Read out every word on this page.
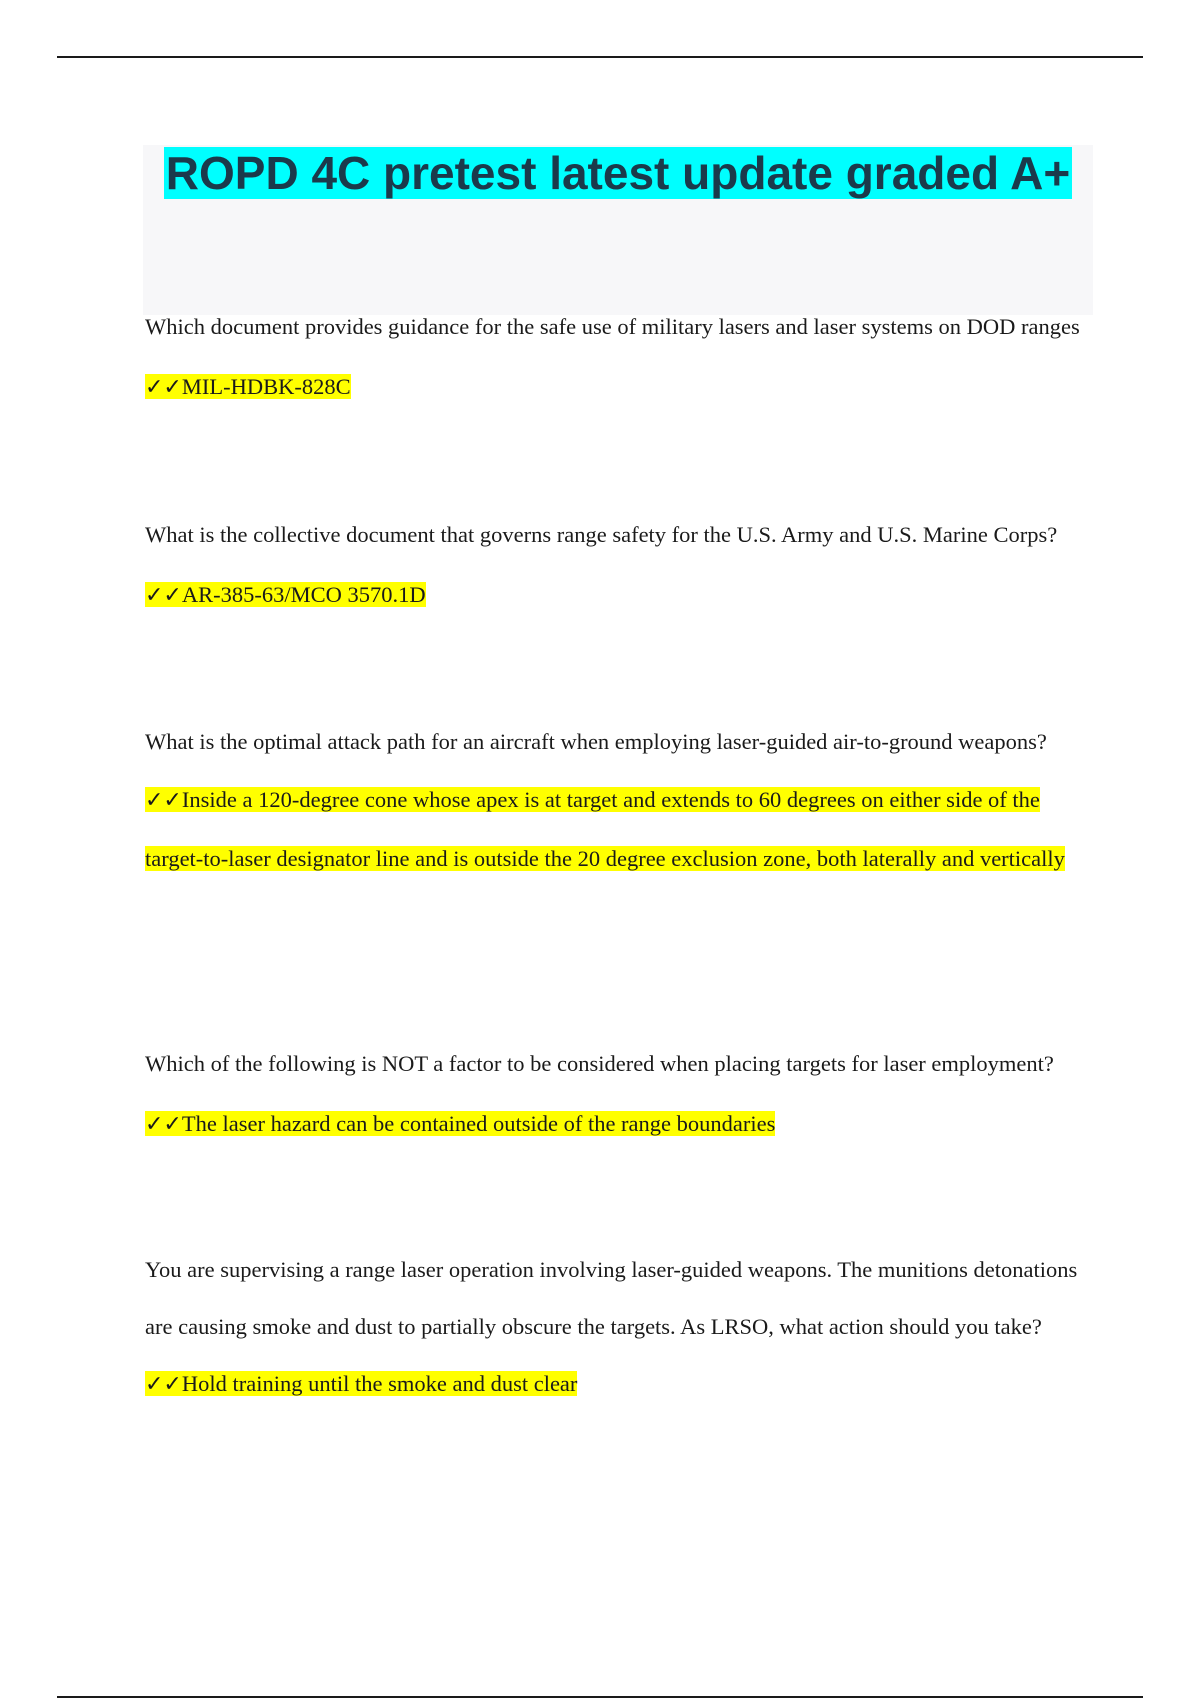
ROPD 4C pretest latest update graded A+

Which document provides guidance for the safe use of military lasers and laser systems on DOD ranges ✓✓MIL-HDBK-828C

What is the collective document that governs range safety for the U.S. Army and U.S. Marine Corps? ✓✓AR-385-63/MCO 3570.1D

What is the optimal attack path for an aircraft when employing laser-guided air-to-ground weapons? ✓✓Inside a 120-degree cone whose apex is at target and extends to 60 degrees on either side of the target-to-laser designator line and is outside the 20 degree exclusion zone, both laterally and vertically

Which of the following is NOT a factor to be considered when placing targets for laser employment? ✓✓The laser hazard can be contained outside of the range boundaries

You are supervising a range laser operation involving laser-guided weapons. The munitions detonations are causing smoke and dust to partially obscure the targets. As LRSO, what action should you take? ✓✓Hold training until the smoke and dust clear
